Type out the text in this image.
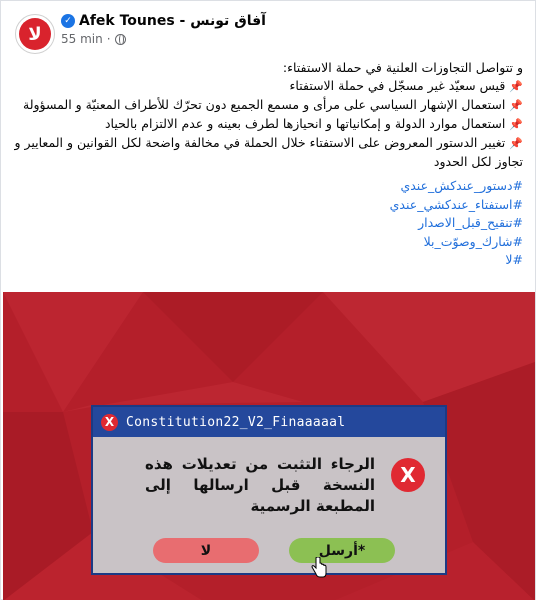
لا
✓ Afek Tounes - آفاق تونس
55 min ·

و تتواصل التجاوزات العلنية في حملة الاستفتاء:

📌قيس سعيّد غير مسجّل في حملة الاستفتاء

📌استعمال الإشهار السياسي على مرأى و مسمع الجميع دون تحرّك للأطراف المعنيّة و المسؤولة

📌استعمال موارد الدولة و إمكانياتها و انحيازها لطرف بعينه و عدم الالتزام بالحياد

📌تغيير الدستور المعروض على الاستفتاء خلال الحملة في مخالفة واضحة لكل القوانين و المعايير و تجاوز لكل الحدود

#دستور_عندكش_عندي
#استفتاء_عندكشي_عندي
#تنقيح_قبل_الاصدار
#شارك_وصوّت_بلا
#لا
X Constitution22_V2_Finaaaaal
X
الرجاء التثبت من تعديلات هذه النسخة قبل ارسالها إلى المطبعة الرسمية
لا	أرسل*
